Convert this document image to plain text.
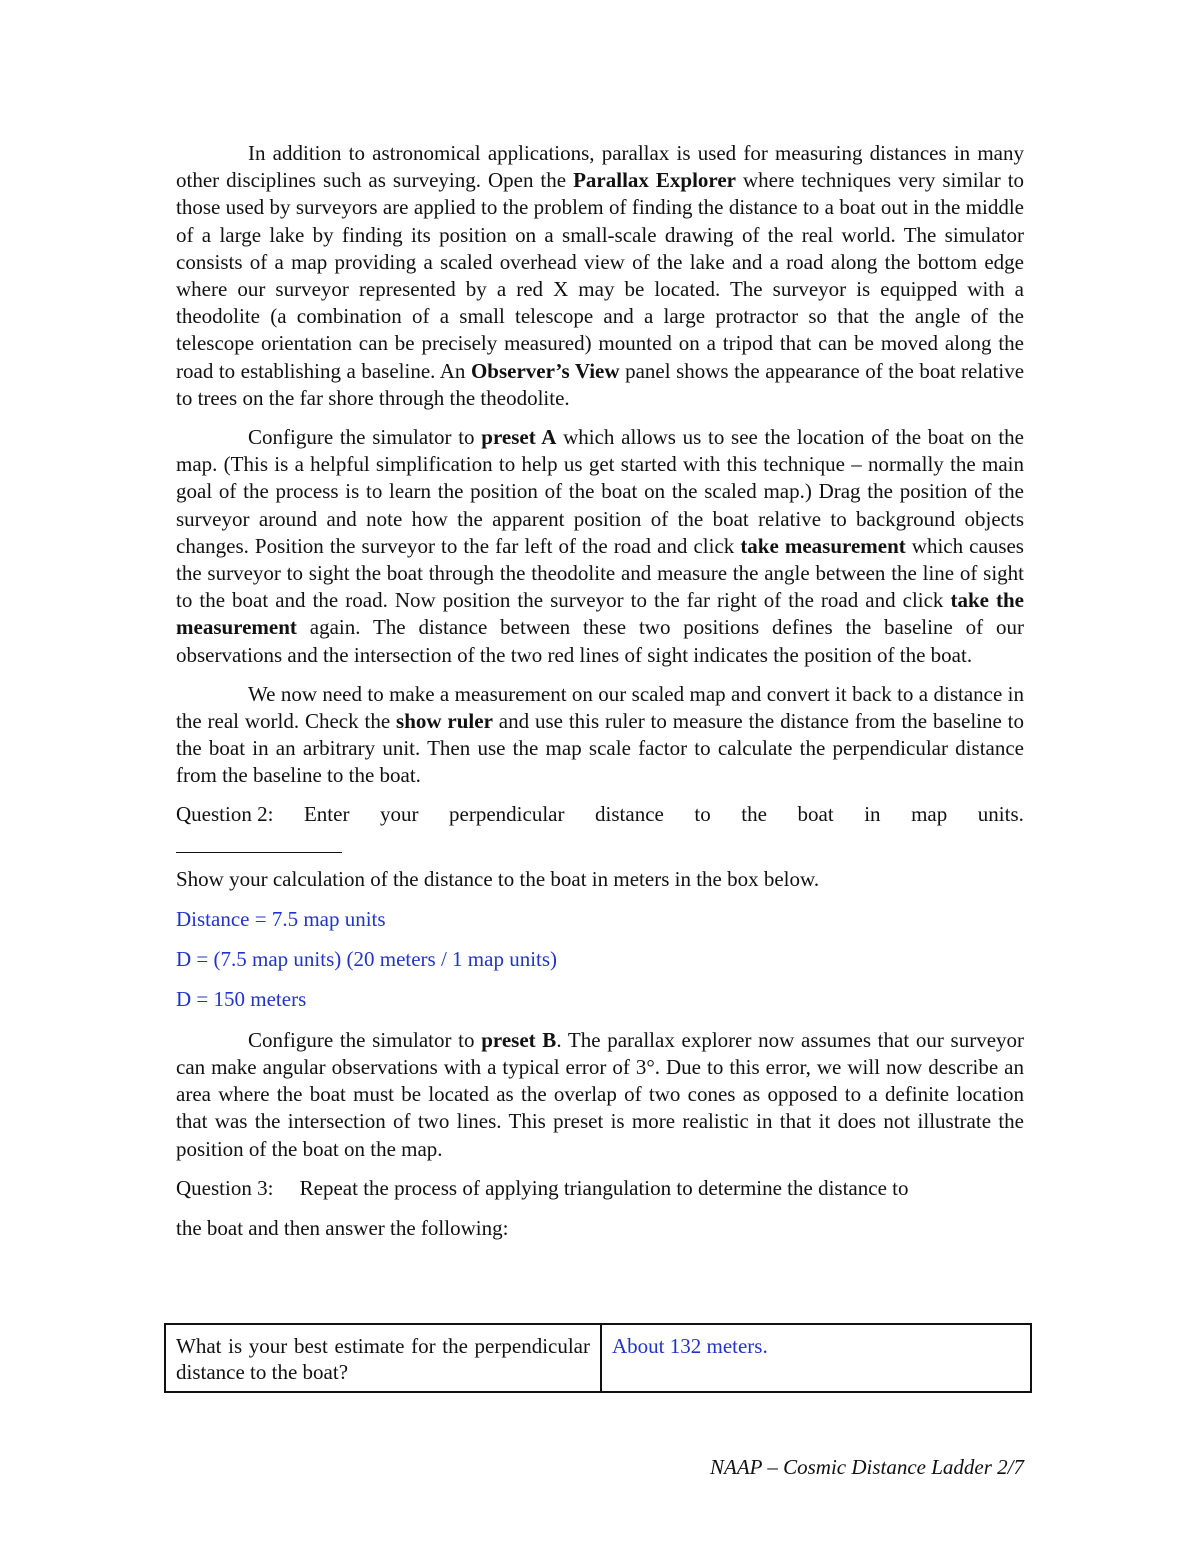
In addition to astronomical applications, parallax is used for measuring distances in many other disciplines such as surveying. Open the Parallax Explorer where techniques very similar to those used by surveyors are applied to the problem of finding the distance to a boat out in the middle of a large lake by finding its position on a small-scale drawing of the real world. The simulator consists of a map providing a scaled overhead view of the lake and a road along the bottom edge where our surveyor represented by a red X may be located. The surveyor is equipped with a theodolite (a combination of a small telescope and a large protractor so that the angle of the telescope orientation can be precisely measured) mounted on a tripod that can be moved along the road to establishing a baseline. An Observer’s View panel shows the appearance of the boat relative to trees on the far shore through the theodolite.

Configure the simulator to preset A which allows us to see the location of the boat on the map. (This is a helpful simplification to help us get started with this technique – normally the main goal of the process is to learn the position of the boat on the scaled map.) Drag the position of the surveyor around and note how the apparent position of the boat relative to background objects changes. Position the surveyor to the far left of the road and click take measurement which causes the surveyor to sight the boat through the theodolite and measure the angle between the line of sight to the boat and the road. Now position the surveyor to the far right of the road and click take the measurement again. The distance between these two positions defines the baseline of our observations and the intersection of the two red lines of sight indicates the position of the boat.

We now need to make a measurement on our scaled map and convert it back to a distance in the real world. Check the show ruler and use this ruler to measure the distance from the baseline to the boat in an arbitrary unit. Then use the map scale factor to calculate the perpendicular distance from the baseline to the boat.

Question 2: Enter your perpendicular distance to the boat in map units.

Show your calculation of the distance to the boat in meters in the box below.

Distance = 7.5 map units

D = (7.5 map units) (20 meters / 1 map units)

D = 150 meters

Configure the simulator to preset B. The parallax explorer now assumes that our surveyor can make angular observations with a typical error of 3°. Due to this error, we will now describe an area where the boat must be located as the overlap of two cones as opposed to a definite location that was the intersection of two lines. This preset is more realistic in that it does not illustrate the position of the boat on the map.

Question 3:     Repeat the process of applying triangulation to determine the distance to

the boat and then answer the following:

What is your best estimate for the perpendicular distance to the boat?	About 132 meters.
NAAP – Cosmic Distance Ladder 2/7
